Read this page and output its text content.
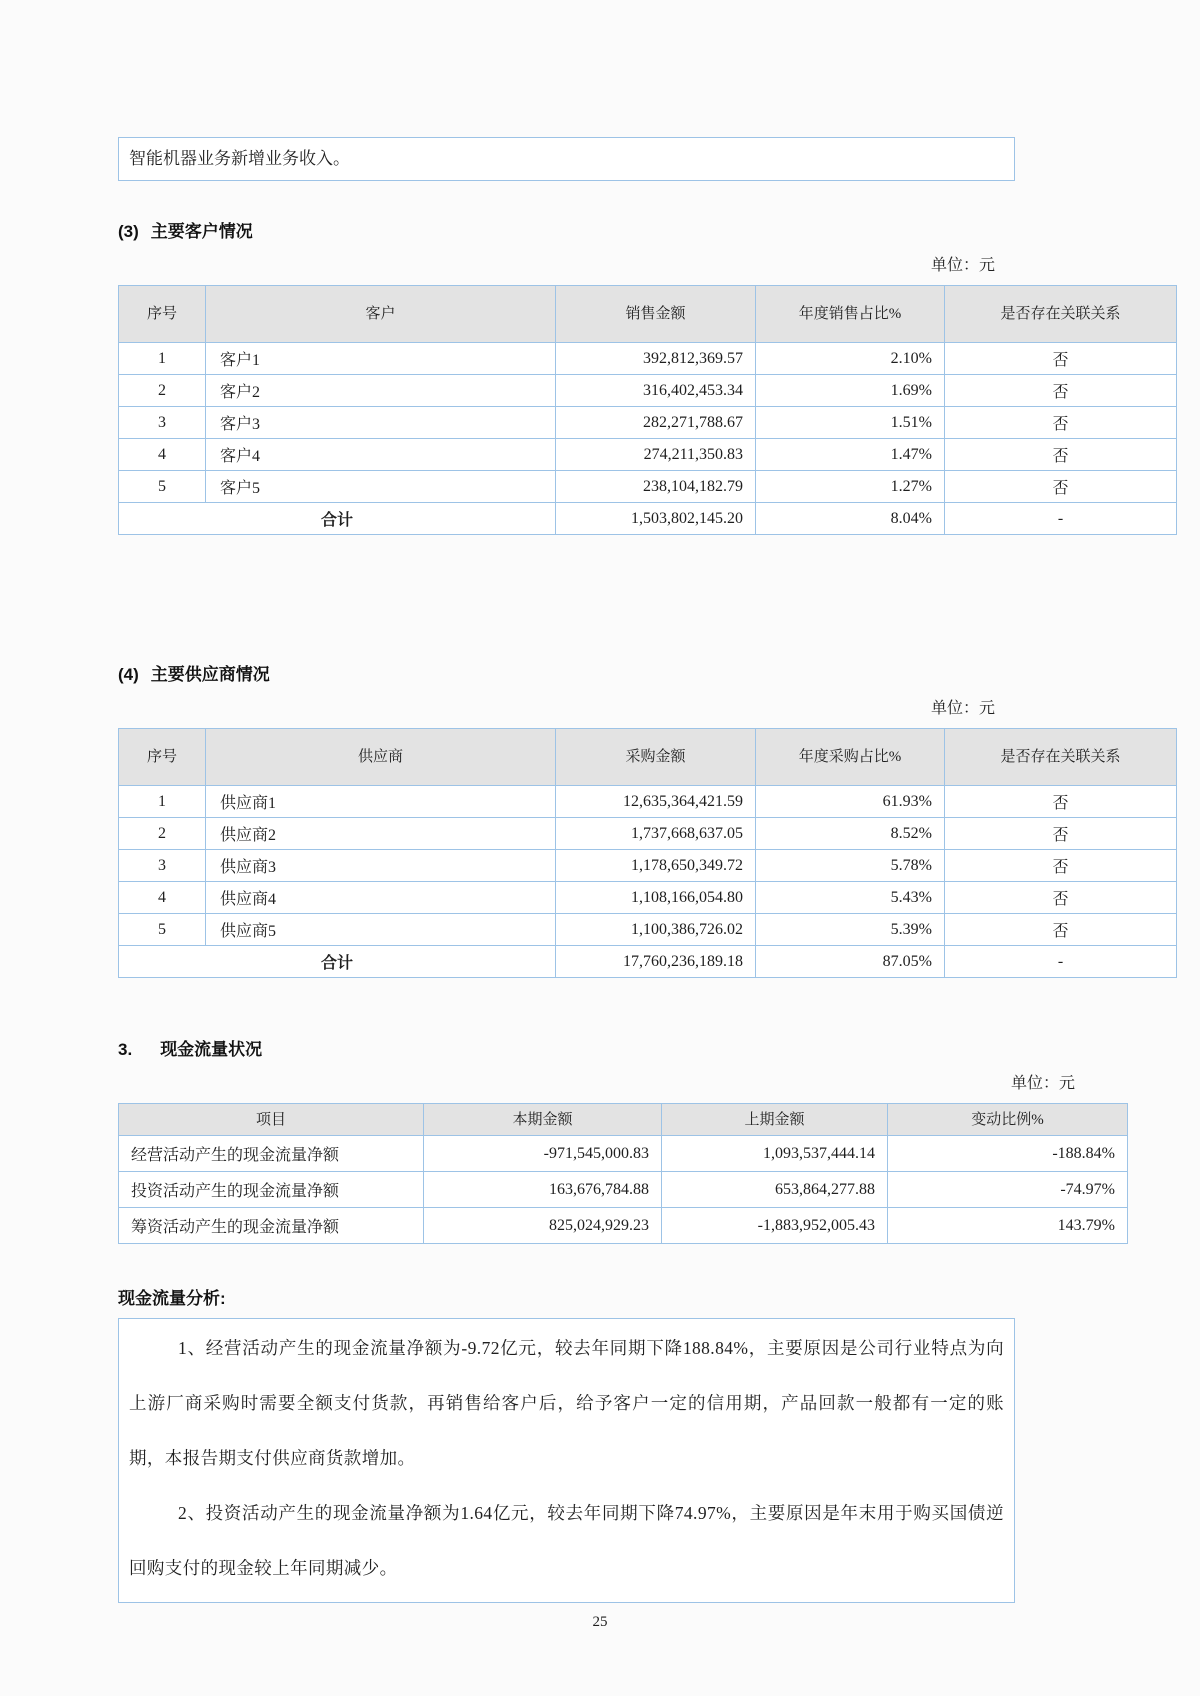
智能机器业务新增业务收入。
(3) 主要客户情况
单位：元
序号	客户	销售金额	年度销售占比%	是否存在关联关系
1	客户1	392,812,369.57	2.10%	否
2	客户2	316,402,453.34	1.69%	否
3	客户3	282,271,788.67	1.51%	否
4	客户4	274,211,350.83	1.47%	否
5	客户5	238,104,182.79	1.27%	否
合计		1,503,802,145.20	8.04%	-
(4) 主要供应商情况
单位：元
序号	供应商	采购金额	年度采购占比%	是否存在关联关系
1	供应商1	12,635,364,421.59	61.93%	否
2	供应商2	1,737,668,637.05	8.52%	否
3	供应商3	1,178,650,349.72	5.78%	否
4	供应商4	1,108,166,054.80	5.43%	否
5	供应商5	1,100,386,726.02	5.39%	否
合计		17,760,236,189.18	87.05%	-
3. 现金流量状况
单位：元
项目	本期金额	上期金额	变动比例%
经营活动产生的现金流量净额	-971,545,000.83	1,093,537,444.14	-188.84%
投资活动产生的现金流量净额	163,676,784.88	653,864,277.88	-74.97%
筹资活动产生的现金流量净额	825,024,929.23	-1,883,952,005.43	143.79%
现金流量分析:

1、经营活动产生的现金流量净额为-9.72亿元，较去年同期下降188.84%，主要原因是公司行业特点为向上游厂商采购时需要全额支付货款，再销售给客户后，给予客户一定的信用期，产品回款一般都有一定的账期，本报告期支付供应商货款增加。

2、投资活动产生的现金流量净额为1.64亿元，较去年同期下降74.97%，主要原因是年末用于购买国债逆回购支付的现金较上年同期减少。

25
